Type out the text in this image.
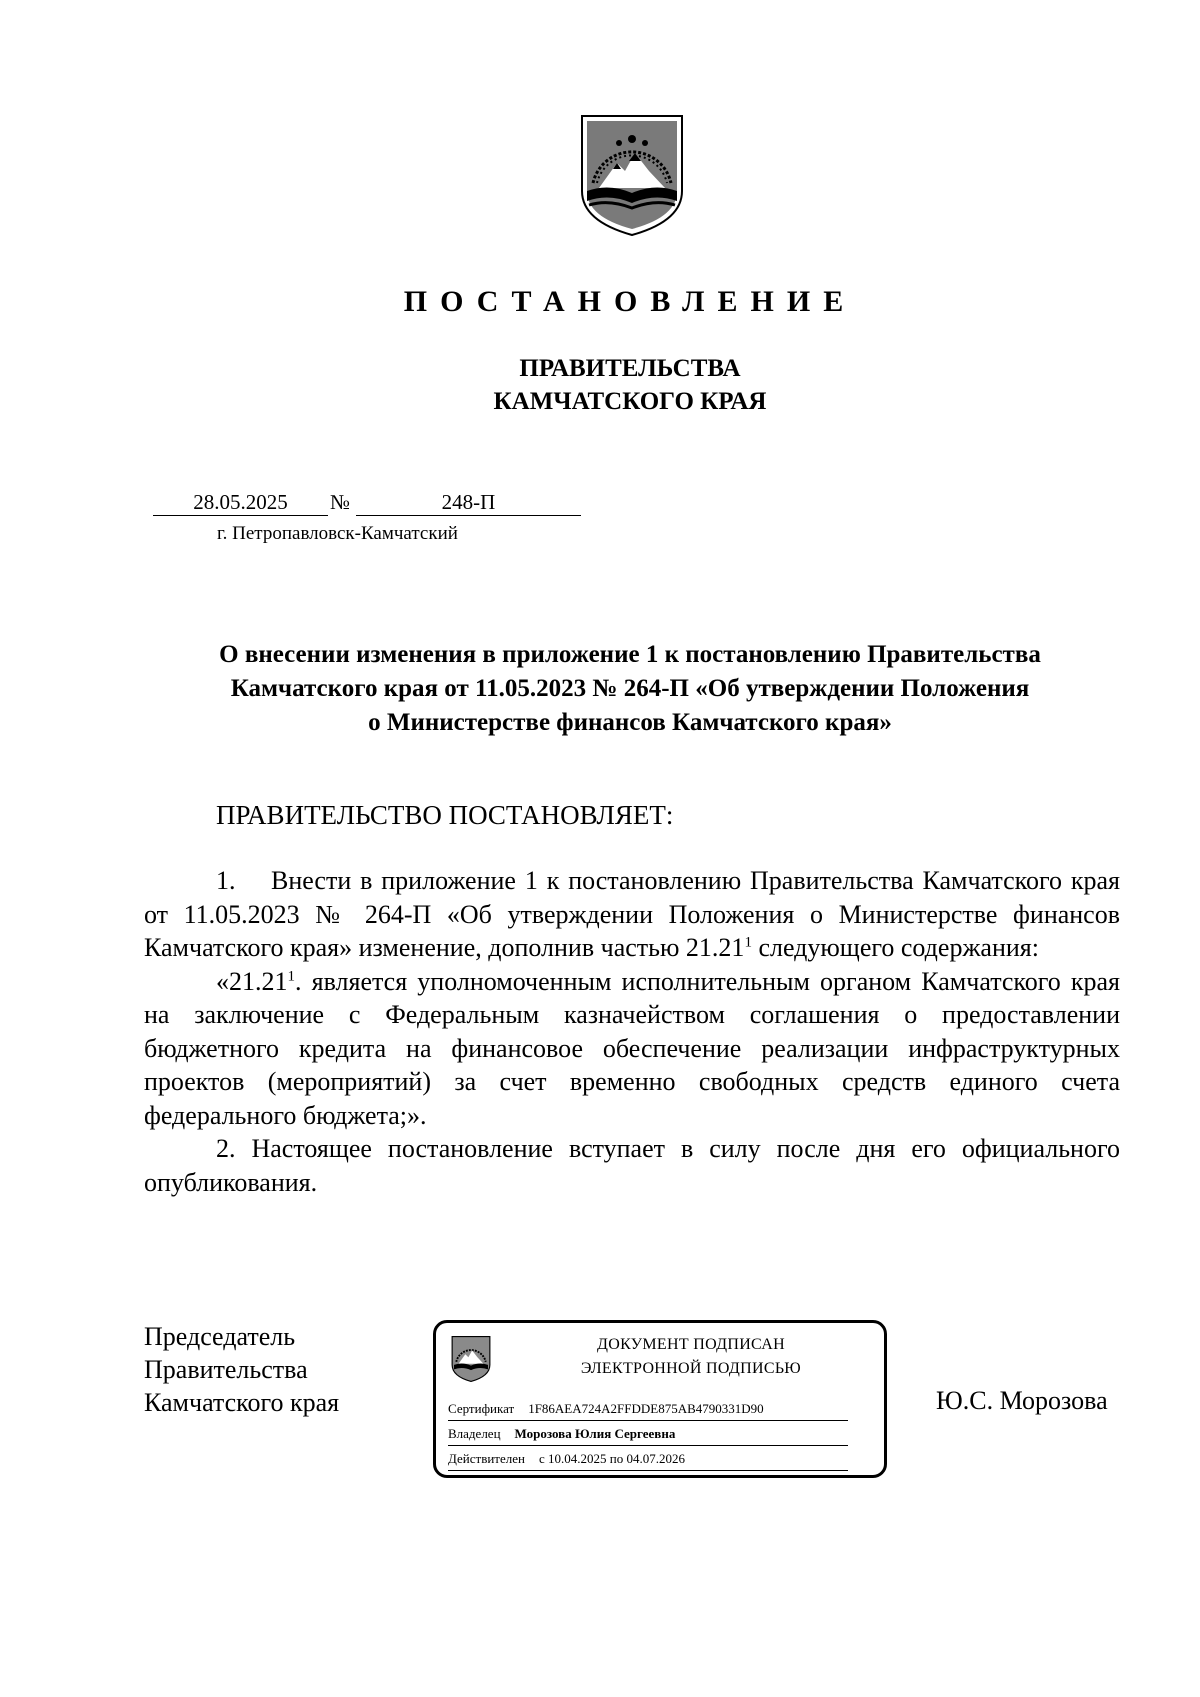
ПОСТАНОВЛЕНИЕ
ПРАВИТЕЛЬСТВА
КАМЧАТСКОГО КРАЯ
28.05.2025	№	248-П
г. Петропавловск-Камчатский
О внесении изменения в приложение 1 к постановлению Правительства
Камчатского края от 11.05.2023 № 264-П «Об утверждении Положения
о Министерстве финансов Камчатского края»
ПРАВИТЕЛЬСТВО ПОСТАНОВЛЯЕТ:

1.    Внести в приложение 1 к постановлению Правительства Камчатского края от 11.05.2023 № 264-П «Об утверждении Положения о Министерстве финансов Камчатского края» изменение, дополнив частью 21.21$^1$ следующего содержания:

«21.21$^1$. является уполномоченным исполнительным органом Камчатского края на заключение с Федеральным казначейством соглашения о предоставлении бюджетного кредита на финансовое обеспечение реализации инфраструктурных проектов (мероприятий) за счет временно свободных средств единого счета федерального бюджета;».

2. Настоящее постановление вступает в силу после дня его официального опубликования.

Председатель
Правительства
Камчатского края
ДОКУМЕНТ ПОДПИСАН
ЭЛЕКТРОННОЙ ПОДПИСЬЮ
Сертификат 1F86AEA724A2FFDDE875AB4790331D90
Владелец Морозова Юлия Сергеевна
Действителен с 10.04.2025 по 04.07.2026
Ю.С. Морозова
